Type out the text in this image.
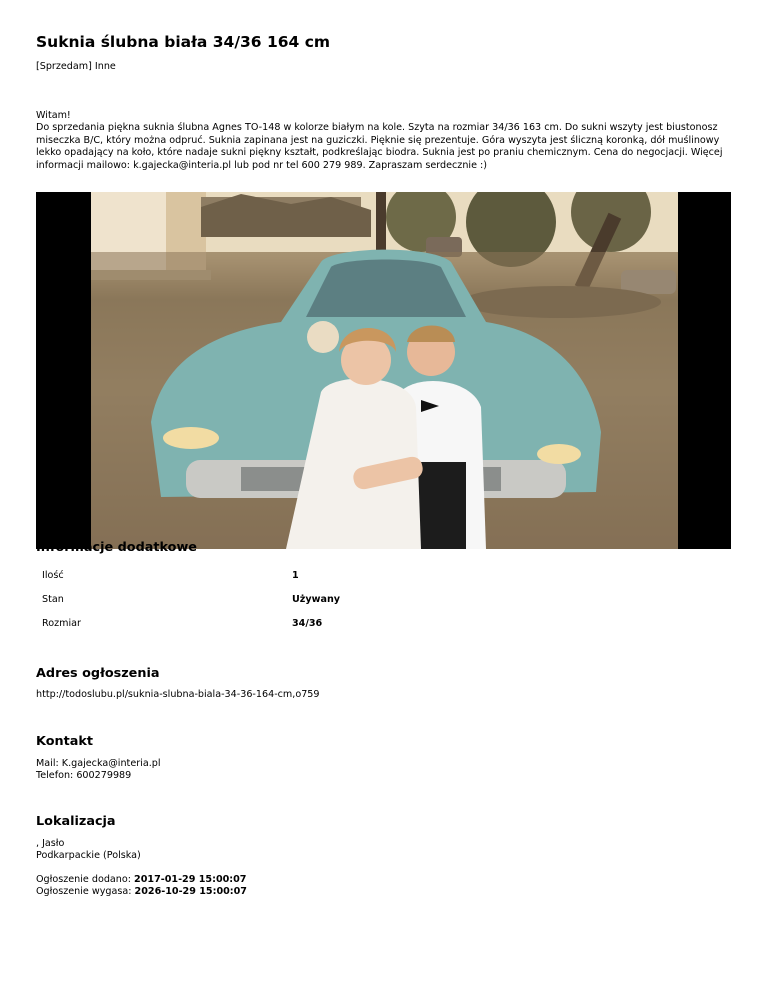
Suknia ślubna biała 34/36 164 cm
[Sprzedam] Inne
Witam!
Do sprzedania piękna suknia ślubna Agnes TO-148 w kolorze białym na kole. Szyta na rozmiar 34/36 163 cm. Do sukni wszyty jest biustonosz miseczka B/C, który można odpruć. Suknia zapinana jest na guziczki. Pięknie się prezentuje. Góra wyszyta jest śliczną koronką, dół muślinowy lekko opadający na koło, które nadaje sukni piękny kształt, podkreślając biodra. Suknia jest po praniu chemicznym. Cena do negocjacji. Więcej informacji mailowo: k.gajecka@interia.pl lub pod nr tel 600 279 989. Zapraszam serdecznie :)
Informacje dodatkowe
Ilość	1
Stan	Używany
Rozmiar	34/36
Adres ogłoszenia
http://todoslubu.pl/suknia-slubna-biala-34-36-164-cm,o759
Kontakt
Mail: K.gajecka@interia.pl
Telefon: 600279989
Lokalizacja
, Jasło
Podkarpackie (Polska)
Ogłoszenie dodano: 2017-01-29 15:00:07
Ogłoszenie wygasa: 2026-10-29 15:00:07
